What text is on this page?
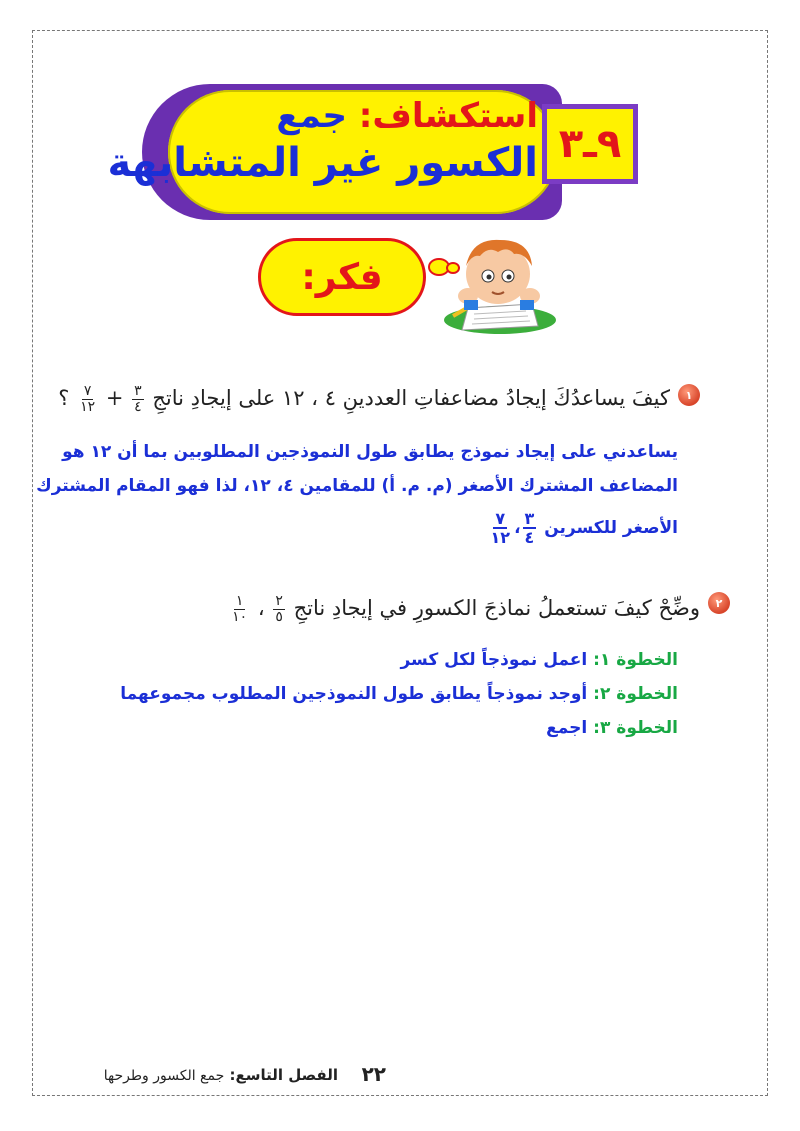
استكشاف: جمع
الكسور غير المتشابهة ٩ـ٣
فكر:
١
كيفَ يساعدُكَ إيجادُ مضاعفاتِ العددينِ ٤ ، ١٢ على إيجادِ ناتجِ
$\frac{٣}{٤}$
+
$\frac{٧}{١٢}$
؟
يساعدني على إيجاد نموذج يطابق طول النموذجين المطلوبين بما أن ١٢ هو
المضاعف المشترك الأصغر (م. م. أ) للمقامين ٤، ١٢، لذا فهو المقام المشترك
الأصغر للكسرين
$\frac{٣}{٤}$
،
$\frac{٧}{١٢}$
٢
وضِّحْ كيفَ تستعملُ نماذجَ الكسورِ في إيجادِ ناتجِ
$\frac{٢}{٥}$
،
$\frac{١}{١٠}$
الخطوة ١: اعمل نموذجاً لكل كسر
الخطوة ٢: أوجد نموذجاً يطابق طول النموذجين المطلوب مجموعهما
الخطوة ٣: اجمع
٢٢
الفصل التاسع: جمع الكسور وطرحها
